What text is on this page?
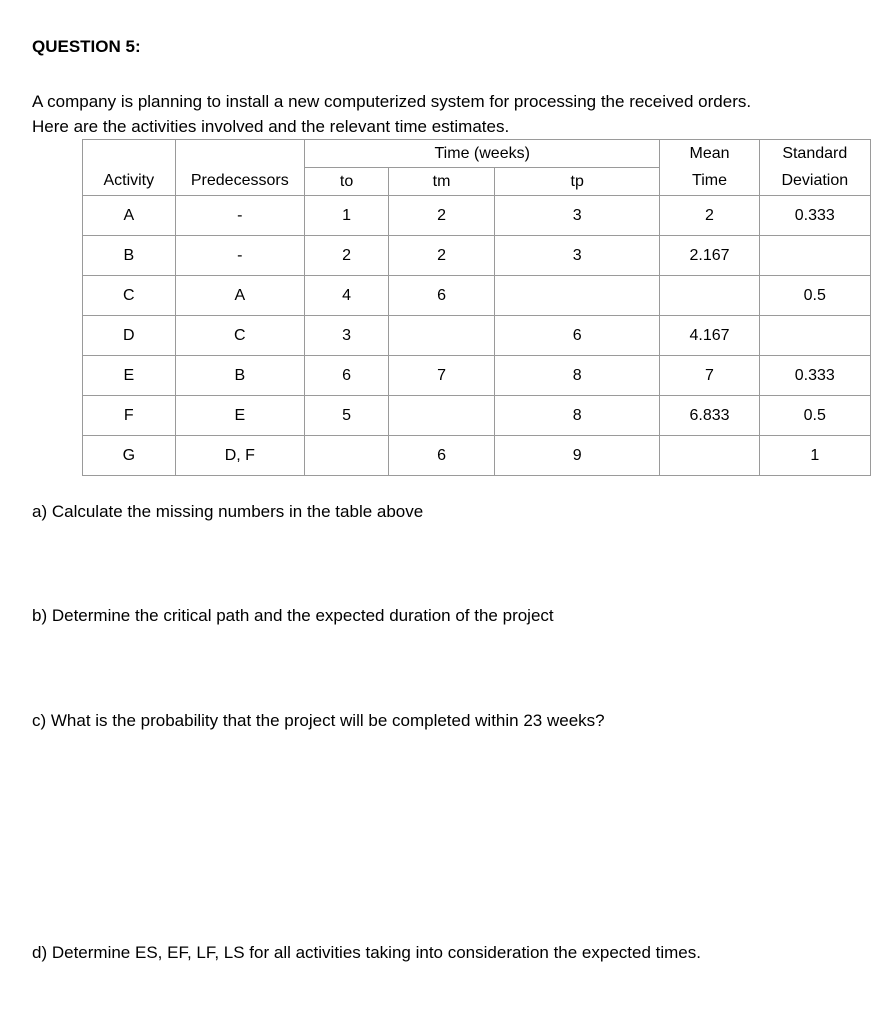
QUESTION 5:
A company is planning to install a new computerized system for processing the received orders.
Here are the activities involved and the relevant time estimates.
		Time (weeks)			Mean	Standard
Activity	Predecessors	to	tm	tp	Time	Deviation
A	-	1	2	3	2	0.333
B	-	2	2	3	2.167	
C	A	4	6			0.5
D	C	3		6	4.167	
E	B	6	7	8	7	0.333
F	E	5		8	6.833	0.5
G	D, F		6	9		1
a) Calculate the missing numbers in the table above
b) Determine the critical path and the expected duration of the project
c) What is the probability that the project will be completed within 23 weeks?
d) Determine ES, EF, LF, LS for all activities taking into consideration the expected times.
